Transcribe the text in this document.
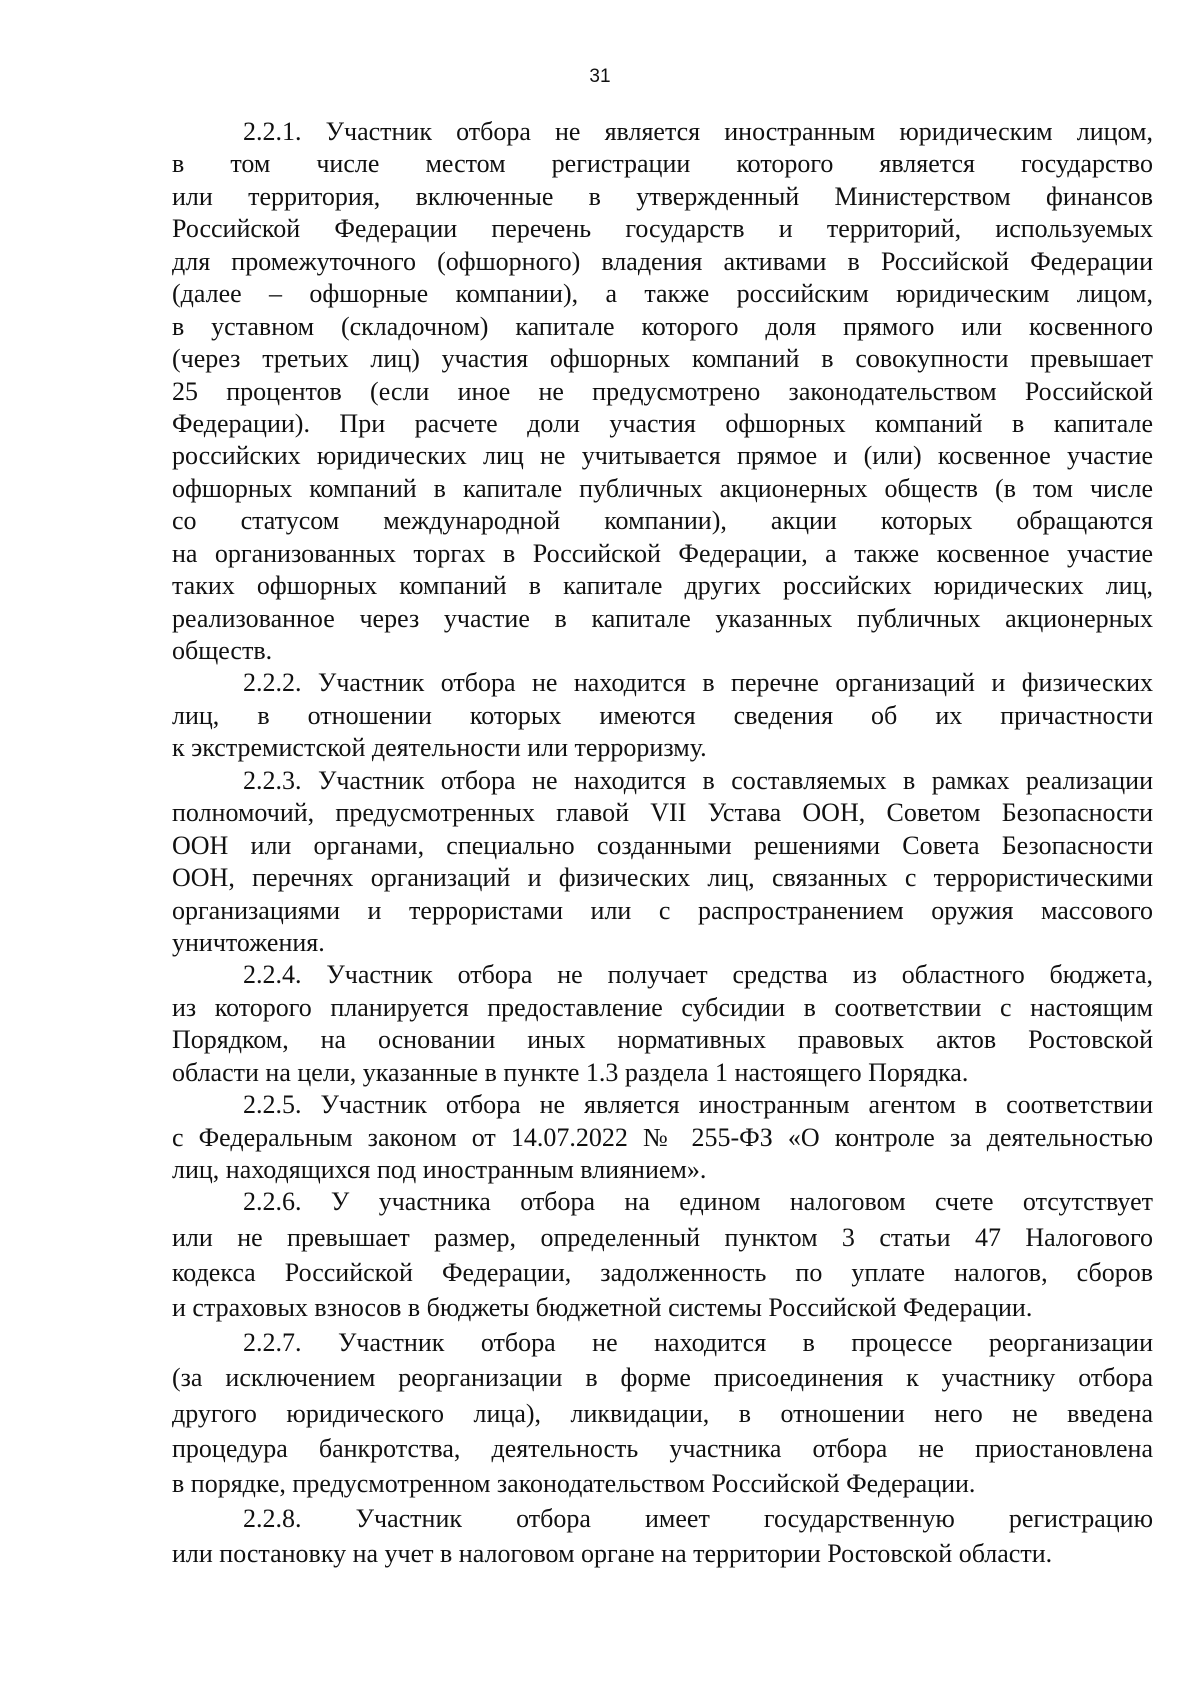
31
2.2.1. Участник отбора не является иностранным юридическим лицом,
в том числе местом регистрации которого является государство
или территория, включенные в утвержденный Министерством финансов
Российской Федерации перечень государств и территорий, используемых
для промежуточного (офшорного) владения активами в Российской Федерации
(далее – офшорные компании), а также российским юридическим лицом,
в уставном (складочном) капитале которого доля прямого или косвенного
(через третьих лиц) участия офшорных компаний в совокупности превышает
25 процентов (если иное не предусмотрено законодательством Российской
Федерации). При расчете доли участия офшорных компаний в капитале
российских юридических лиц не учитывается прямое и (или) косвенное участие
офшорных компаний в капитале публичных акционерных обществ (в том числе
со статусом международной компании), акции которых обращаются
на организованных торгах в Российской Федерации, а также косвенное участие
таких офшорных компаний в капитале других российских юридических лиц,
реализованное через участие в капитале указанных публичных акционерных
обществ.
2.2.2. Участник отбора не находится в перечне организаций и физических
лиц, в отношении которых имеются сведения об их причастности
к экстремистской деятельности или терроризму.
2.2.3. Участник отбора не находится в составляемых в рамках реализации
полномочий, предусмотренных главой VII Устава ООН, Советом Безопасности
ООН или органами, специально созданными решениями Совета Безопасности
ООН, перечнях организаций и физических лиц, связанных с террористическими
организациями и террористами или с распространением оружия массового
уничтожения.
2.2.4. Участник отбора не получает средства из областного бюджета,
из которого планируется предоставление субсидии в соответствии с настоящим
Порядком, на основании иных нормативных правовых актов Ростовской
области на цели, указанные в пункте 1.3 раздела 1 настоящего Порядка.
2.2.5. Участник отбора не является иностранным агентом в соответствии
с Федеральным законом от 14.07.2022 № 255-ФЗ «О контроле за деятельностью
лиц, находящихся под иностранным влиянием».
2.2.6. У участника отбора на едином налоговом счете отсутствует
или не превышает размер, определенный пунктом 3 статьи 47 Налогового
кодекса Российской Федерации, задолженность по уплате налогов, сборов
и страховых взносов в бюджеты бюджетной системы Российской Федерации.
2.2.7. Участник отбора не находится в процессе реорганизации
(за исключением реорганизации в форме присоединения к участнику отбора
другого юридического лица), ликвидации, в отношении него не введена
процедура банкротства, деятельность участника отбора не приостановлена
в порядке, предусмотренном законодательством Российской Федерации.
2.2.8. Участник отбора имеет государственную регистрацию
или постановку на учет в налоговом органе на территории Ростовской области.
